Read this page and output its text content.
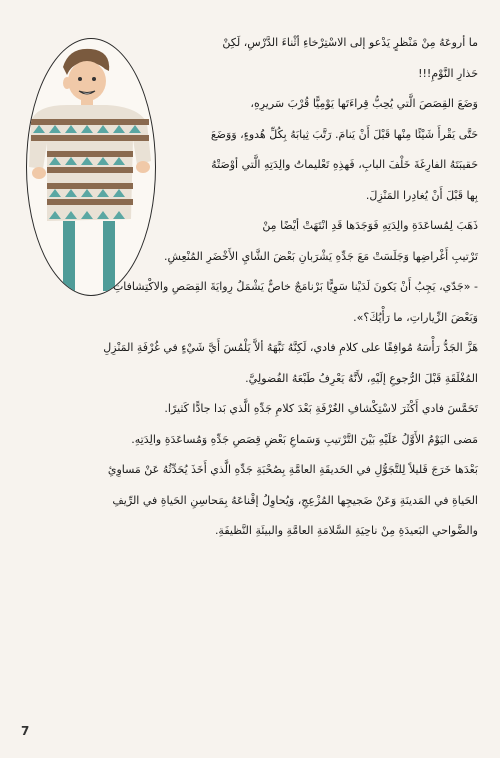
ما أروعَهُ مِنْ مَنْظرٍ يَدْعو إلى الاسْتِرْخاءِ أثْناءَ الدَّرْسِ، لَكِنْ
حَذارِ النَّوْمِ!!!
وَضَعَ القِصَصَ الَّتي يُحِبُّ قِراءَتَها يَوْمِيًّا قُرْبَ سَريرِهِ،
حَتَّى يَقْرأَ شَيْئًا مِنْها قَبْلَ أَنْ يَنامَ. رَتَّبَ ثِيابَهُ بِكُلِّ هُدوءٍ، وَوَضَعَ
حَقيبَتَهُ الفارِغَةَ خَلْفَ البابِ، فَهذِهِ تَعْليماتُ والِدَتِهِ الَّتي أوْصَتْهُ
بِها قَبْلَ أَنْ يُغادِرا المَنْزِلَ.
ذَهَبَ لِمُساعَدَةِ والِدَتِهِ فَوَجَدَها قَدِ انْتَهَتْ أيْضًا مِنْ
تَرْتيبِ أَغْراضِها وَجَلَسَتْ مَعَ جَدِّهِ يَشْرَبانِ بَعْضَ الشَّايِ الأَخْضَرِ المُنْعِشِ.
- «جَدّي، يَجِبُ أَنْ يَكونَ لَدَيْنا سَوِيًّا بَرْنامَجٌ خاصٌّ يَشْمَلُ رِوايَةَ القِصَصِ والاكْتِشافاتِ
وَبَعْضَ الزِّياراتِ، ما رَأْيُكَ؟».
هَزَّ الجَدُّ رَأْسَهُ مُوافِقًا على كلامِ فادي، لَكِنَّهُ نَبَّهَهُ ألاَّ يَلْمُسَ أَيَّ شَيْءٍ في غُرْفَةِ المَنْزِلِ
المُغْلَقَةِ قَبْلَ الرُّجوعِ إلَيْهِ، لأَنَّهُ يَعْرِفُ طَبْعَهُ الفُضولِيَّ.
تَحَمَّسَ فادي أَكْثَرَ لاسْتِكْشافِ الغُرْفَةِ بَعْدَ كلامِ جَدِّهِ الَّذي بَدا جادًّا كَثيرًا.
مَضى اليَوْمُ الأَوَّلُ عَلَيْهِ بَيْنَ التَّرْتيبِ وَسَماعِ بَعْضِ قِصَصِ جَدِّهِ وَمُساعَدَةِ والِدَتِهِ.
بَعْدَها خَرَجَ قَليلاً لِلتَّجَوُّلِ في الحَديقَةِ العامَّةِ بِصُحْبَةِ جَدِّهِ الَّذي أَخَذَ يُحَدِّثُهُ عَنْ مَساوِئِ
الحَياةِ في المَدينَةِ وَعَنْ ضَجيجِها المُزْعِجِ، وَيُحاوِلُ إقْناعَهُ بِمَحاسِنِ الحَياةِ في الرِّيفِ
والضَّواحي البَعيدَةِ مِنْ ناحِيَةِ السَّلامَةِ العامَّةِ والبيئَةِ النَّظيفَةِ.
7
